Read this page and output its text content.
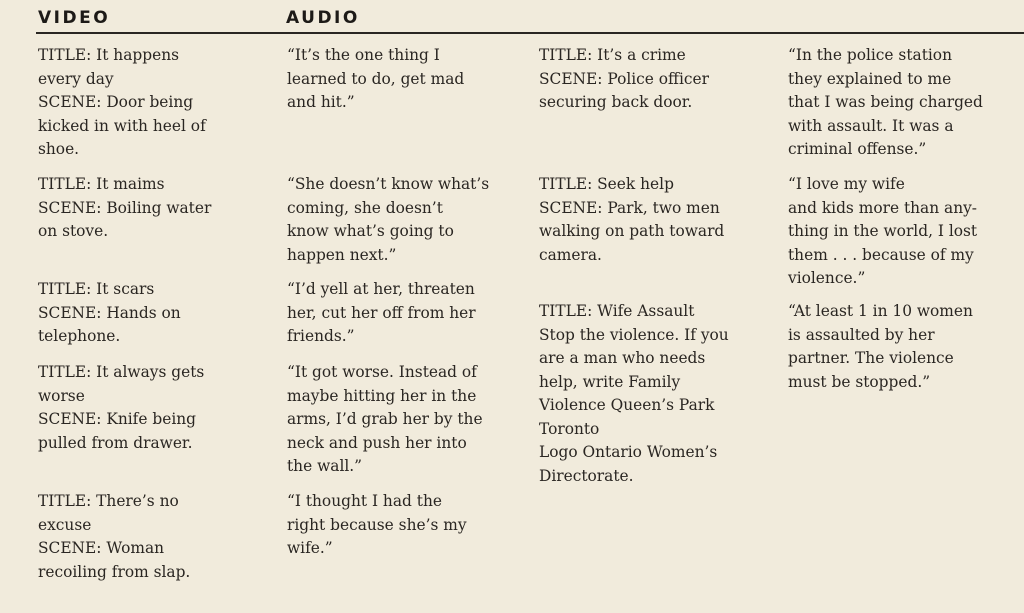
VIDEO	AUDIO
TITLE: It happens
every day
SCENE: Door being
kicked in with heel of
shoe.
TITLE: It maims
SCENE: Boiling water
on stove.
TITLE: It scars
SCENE: Hands on
telephone.
TITLE: It always gets
worse
SCENE: Knife being
pulled from drawer.
TITLE: There’s no
excuse
SCENE: Woman
recoiling from slap.
“It’s the one thing I
learned to do, get mad
and hit.”
“She doesn’t know what’s
coming, she doesn’t
know what’s going to
happen next.”
“I’d yell at her, threaten
her, cut her off from her
friends.”
“It got worse. Instead of
maybe hitting her in the
arms, I’d grab her by the
neck and push her into
the wall.”
“I thought I had the
right because she’s my
wife.”
TITLE: It’s a crime
SCENE: Police officer
securing back door.
TITLE: Seek help
SCENE: Park, two men
walking on path toward
camera.
TITLE: Wife Assault
Stop the violence. If you
are a man who needs
help, write Family
Violence Queen’s Park
Toronto
Logo Ontario Women’s
Directorate.
“In the police station
they explained to me
that I was being charged
with assault. It was a
criminal offense.”
“I love my wife
and kids more than any-
thing in the world, I lost
them . . . because of my
violence.”
“At least 1 in 10 women
is assaulted by her
partner. The violence
must be stopped.”
